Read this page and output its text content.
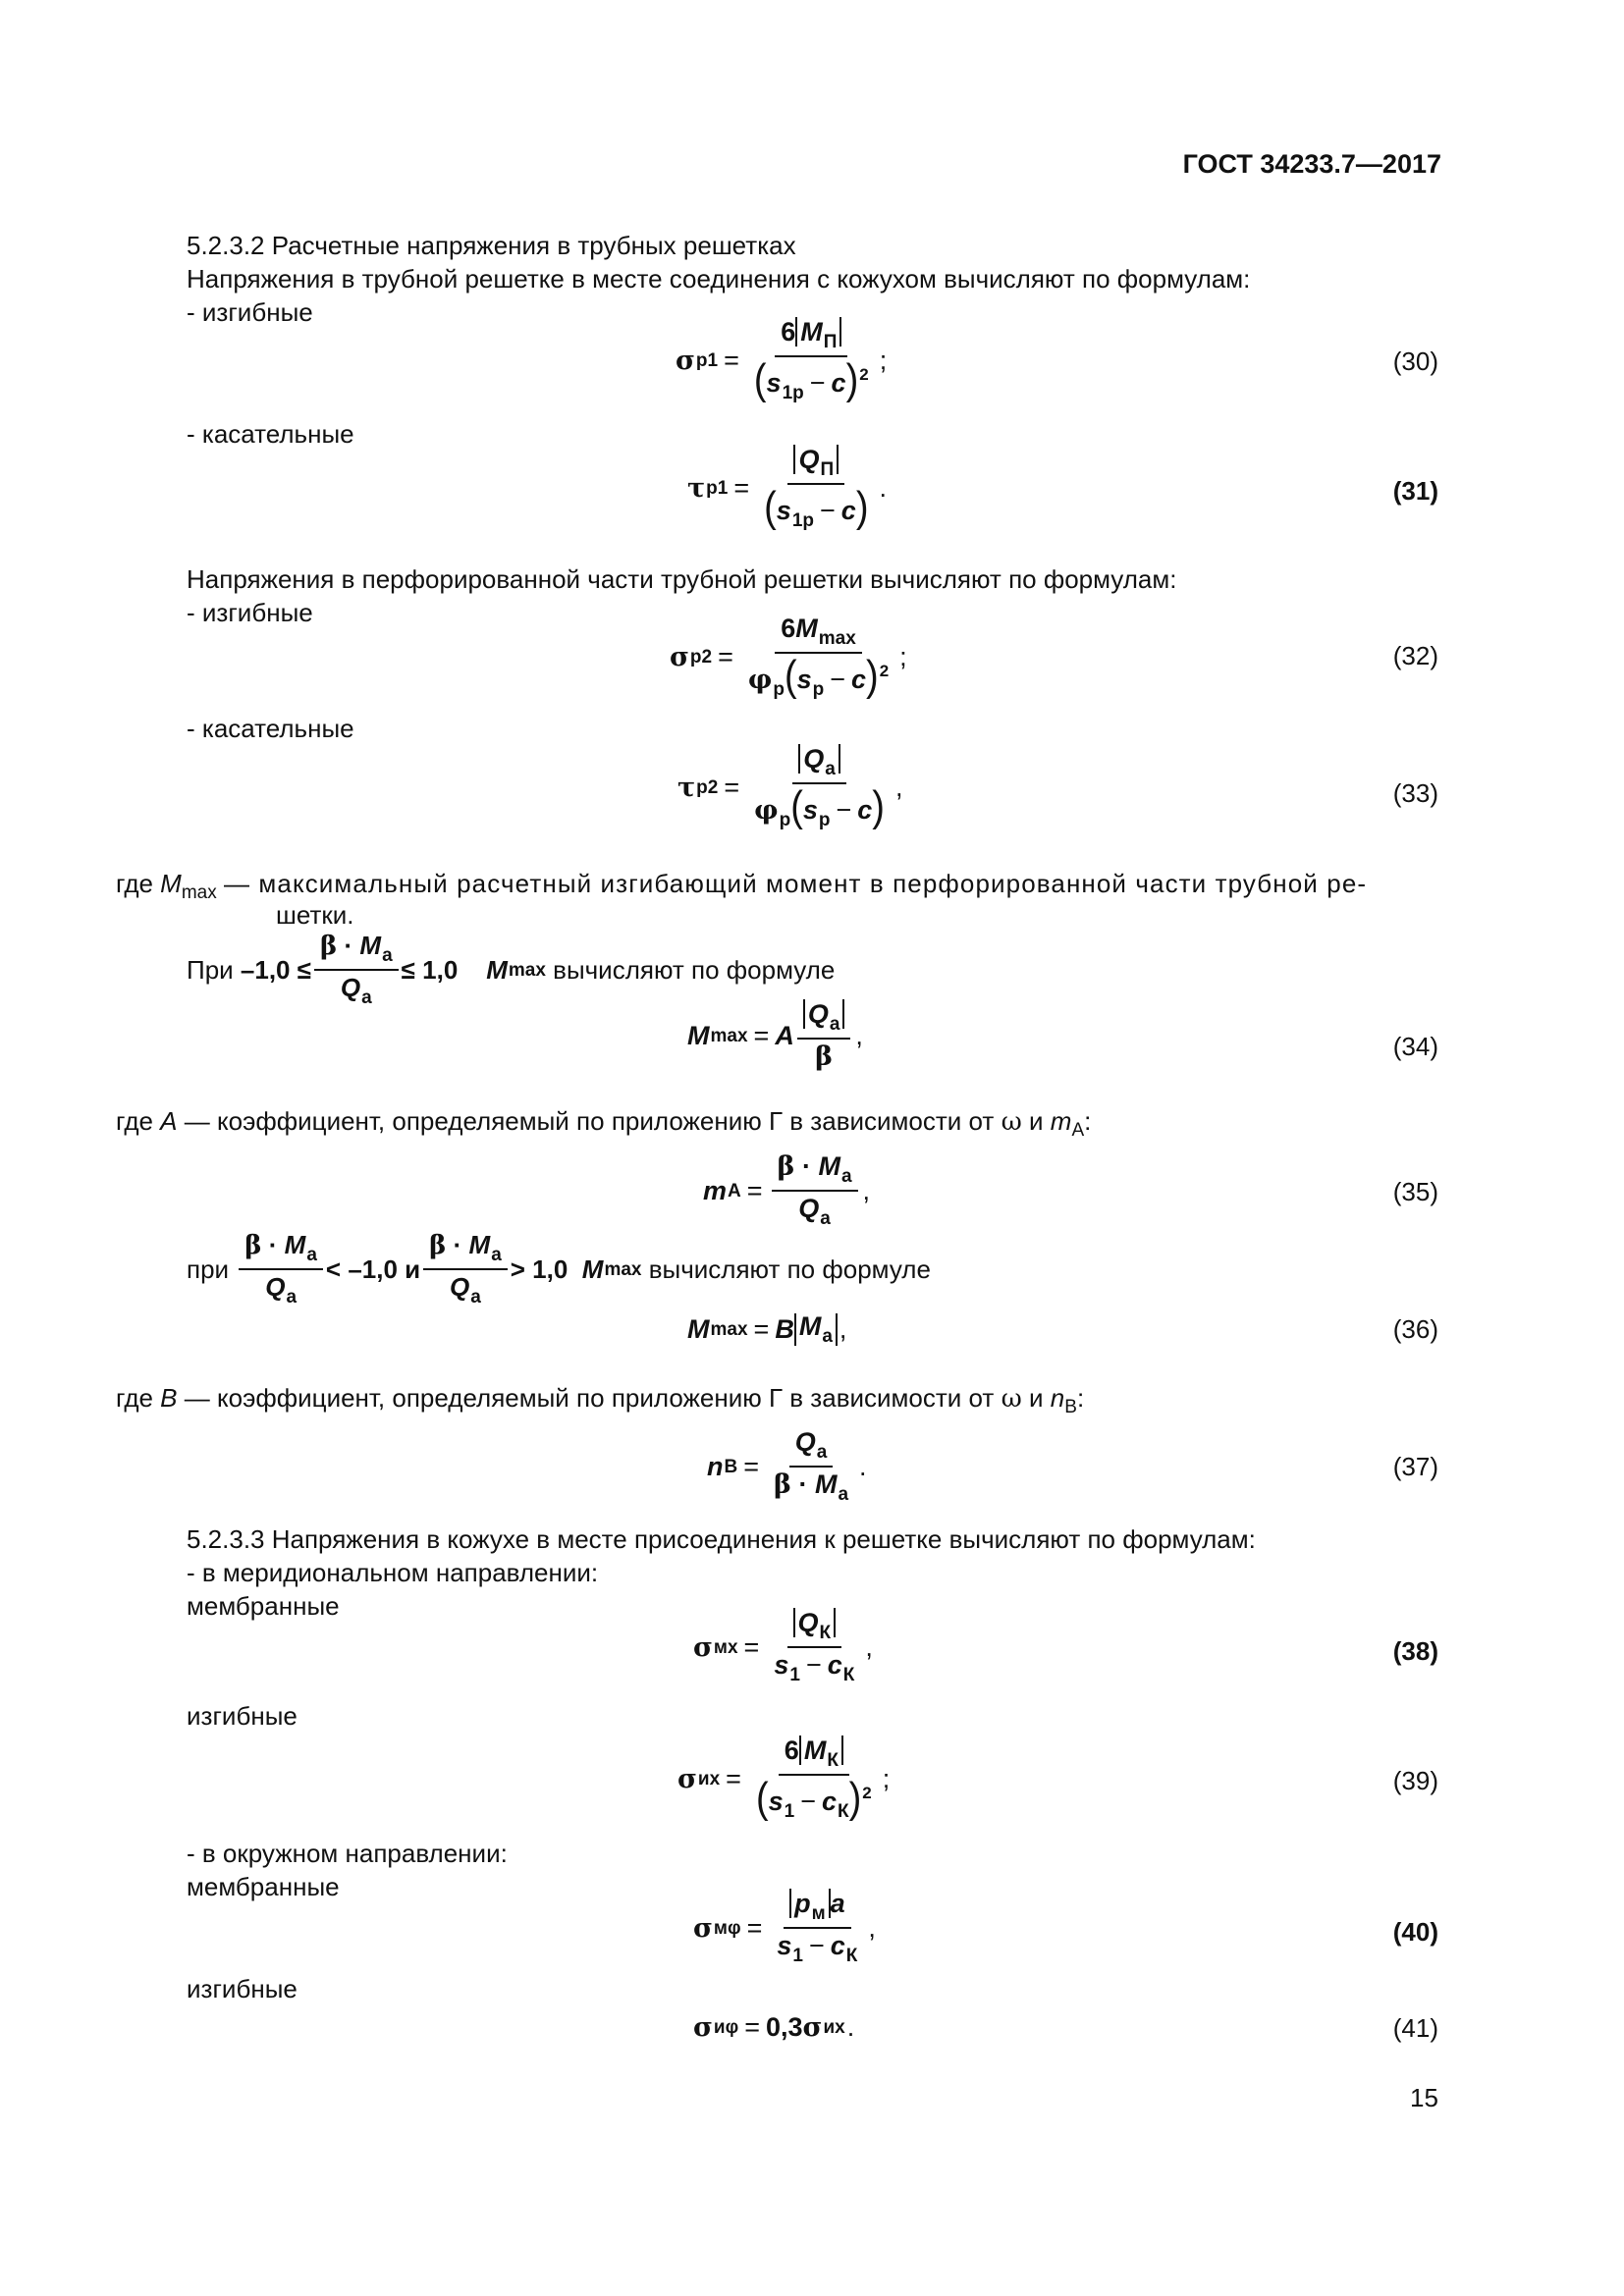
ГОСТ 34233.7—2017
5.2.3.2 Расчетные напряжения в трубных решетках
Напряжения в трубной решетке в месте соединения с кожухом вычисляют по формулам:
- изгибные
σ $р1 = \frac{6 M_П}{(s_{1р} - c)^2}$ ;	(30)
- касательные
τ $р1 = \frac{Q_П}{(s_{1р} - c)}$ .	(31)
Напряжения в перфорированной части трубной решетки вычисляют по формулам:
- изгибные
σ $р2 = \frac{6M_{max}}{\varphi_р(s_р - c)^2}$ ;	(32)
- касательные
τ $р2 = \frac{Q_а}{\varphi_р(s_р - c)}$ ,	(33)
где $M_{max}$ — максимальный расчетный изгибающий момент в перфорированной части трубной ре-
шетки.
При
$-1,0 \le \frac{\beta \cdot M_а}{Q_а} \le 1,0$
M max
вычисляют по формуле
M max = A $\frac{Q_а}{\beta}$ ,	(34)
где A — коэффициент, определяемый по приложению Г в зависимости от ω и $m_А$:
m $А = \frac{\beta \cdot M_а}{Q_а}$ ,	(35)
при
$\frac{\beta \cdot M_а}{Q_а} < -1,0$ и $\frac{\beta \cdot M_а}{Q_а} > 1,0$
M max
вычисляют по формуле
M max = B $M_а$ ,	(36)
где B — коэффициент, определяемый по приложению Г в зависимости от ω и $n_В$:
n $В = \frac{Q_а}{\beta \cdot M_а}$ .	(37)
5.2.3.3 Напряжения в кожухе в месте присоединения к решетке вычисляют по формулам:
- в меридиональном направлении:
мембранные
σ мх = $\frac{Q_К}{s_1 - c_К}$ ,	(38)
изгибные
σ их = $\frac{6 M_К}{(s_1 - c_К)^2}$ ;	(39)
- в окружном направлении:
мембранные
σ $м\varphi = \frac{p_м a}{s_1 - c_К}$ ,	(40)
изгибные
σ иφ = 0,3 σ их .	(41)
15
